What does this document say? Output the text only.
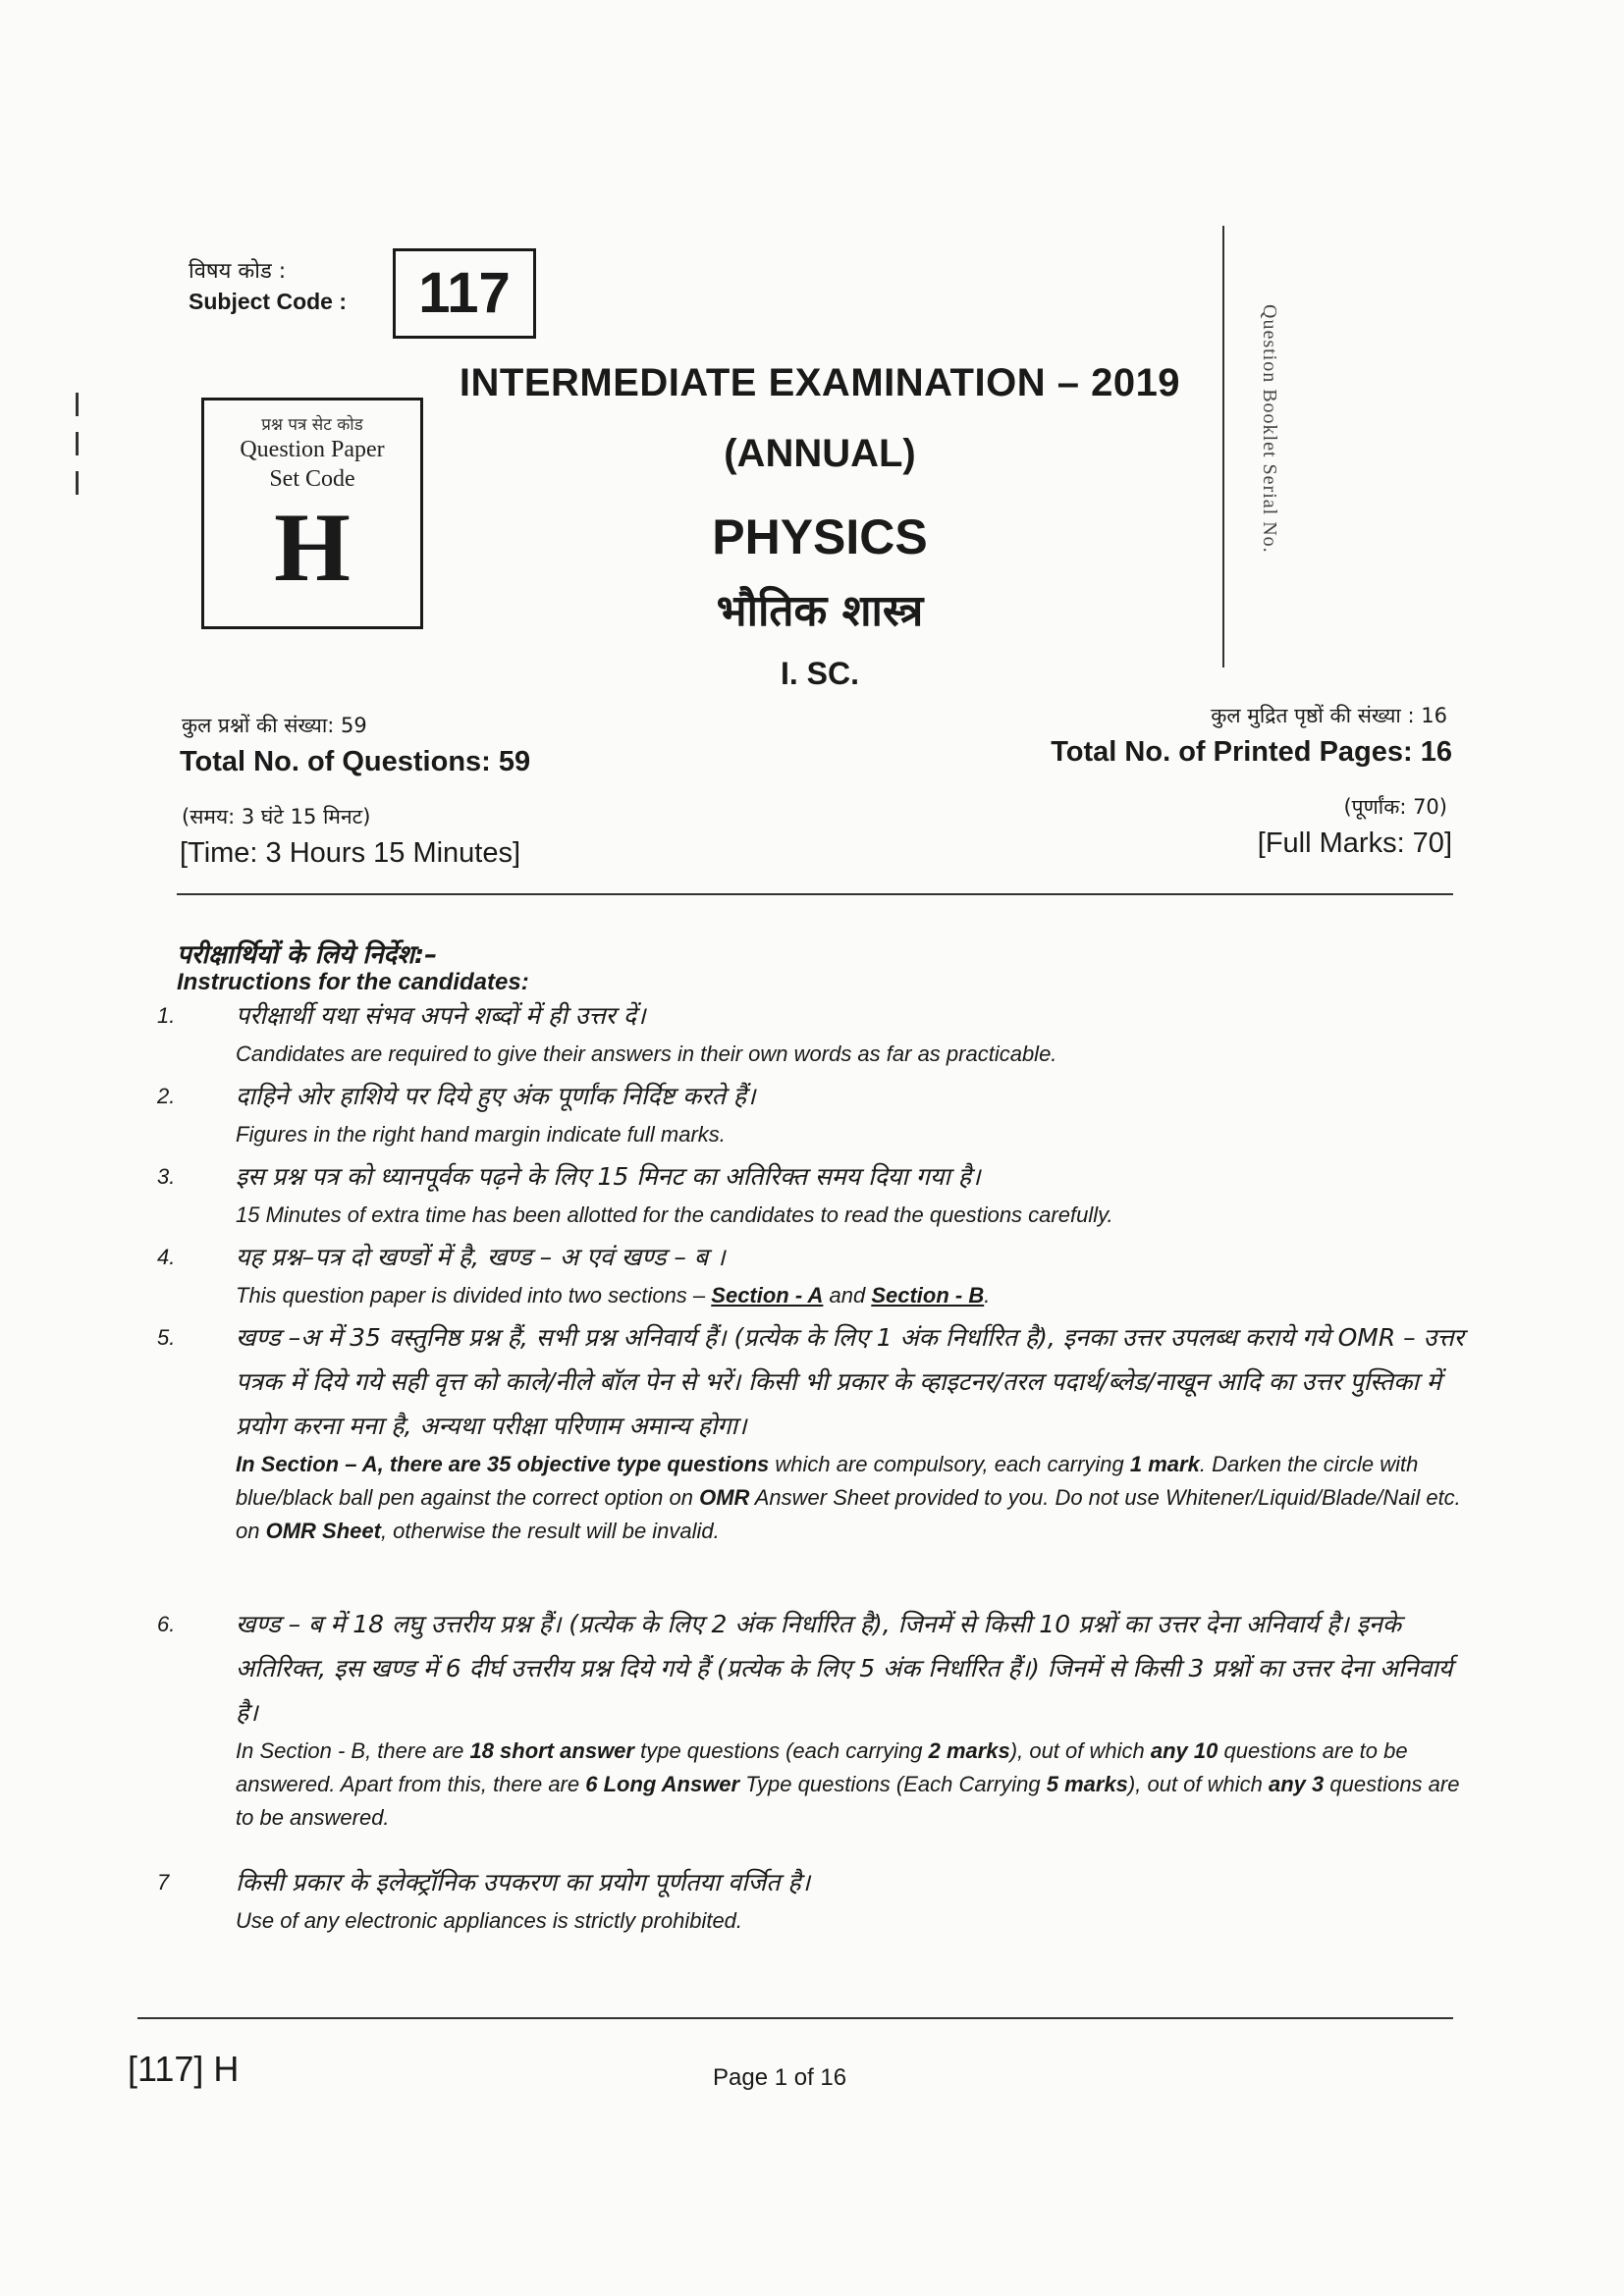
विषय कोड :
Subject Code :	117
प्रश्न पत्र सेट कोड
Question Paper
Set Code
H
INTERMEDIATE EXAMINATION – 2019
(ANNUAL)
PHYSICS
भौतिक शास्त्र
I. SC.
Question Booklet Serial No.
कुल प्रश्नों की संख्या: 59
Total No. of Questions: 59
(समय: 3 घंटे 15 मिनट)
[Time: 3 Hours 15 Minutes]
कुल मुद्रित पृष्ठों की संख्या : 16
Total No. of Printed Pages: 16
(पूर्णांक: 70)
[Full Marks: 70]
परीक्षार्थियों के लिये निर्देश:–
Instructions for the candidates:
1. परीक्षार्थी यथा संभव अपने शब्दों में ही उत्तर दें।
Candidates are required to give their answers in their own words as far as practicable.
2. दाहिने ओर हाशिये पर दिये हुए अंक पूर्णांक निर्दिष्ट करते हैं।
Figures in the right hand margin indicate full marks.
3. इस प्रश्न पत्र को ध्यानपूर्वक पढ़ने के लिए 15 मिनट का अतिरिक्त समय दिया गया है।
15 Minutes of extra time has been allotted for the candidates to read the questions carefully.
4. यह प्रश्न–पत्र दो खण्डों में है, खण्ड – अ एवं खण्ड – ब ।
This question paper is divided into two sections – Section - A and Section - B.
5. खण्ड –अ में 35 वस्तुनिष्ठ प्रश्न हैं, सभी प्रश्न अनिवार्य हैं। (प्रत्येक के लिए 1 अंक निर्धारित है), इनका उत्तर उपलब्ध कराये गये OMR – उत्तर पत्रक में दिये गये सही वृत्त को काले/नीले बॉल पेन से भरें। किसी भी प्रकार के व्हाइटनर/तरल पदार्थ/ब्लेड/नाखून आदि का उत्तर पुस्तिका में प्रयोग करना मना है, अन्यथा परीक्षा परिणाम अमान्य होगा।
In Section – A, there are 35 objective type questions which are compulsory, each carrying 1 mark. Darken the circle with blue/black ball pen against the correct option on OMR Answer Sheet provided to you. Do not use Whitener/Liquid/Blade/Nail etc. on OMR Sheet, otherwise the result will be invalid.
6. खण्ड – ब में 18 लघु उत्तरीय प्रश्न हैं। (प्रत्येक के लिए 2 अंक निर्धारित है), जिनमें से किसी 10 प्रश्नों का उत्तर देना अनिवार्य है। इनके अतिरिक्त, इस खण्ड में 6 दीर्घ उत्तरीय प्रश्न दिये गये हैं (प्रत्येक के लिए 5 अंक निर्धारित हैं।) जिनमें से किसी 3 प्रश्नों का उत्तर देना अनिवार्य है।
In Section - B, there are 18 short answer type questions (each carrying 2 marks), out of which any 10 questions are to be answered. Apart from this, there are 6 Long Answer Type questions (Each Carrying 5 marks), out of which any 3 questions are to be answered.
7	किसी प्रकार के इलेक्ट्रॉनिक उपकरण का प्रयोग पूर्णतया वर्जित है।
Use of any electronic appliances is strictly prohibited.
[117] H	Page 1 of 16
